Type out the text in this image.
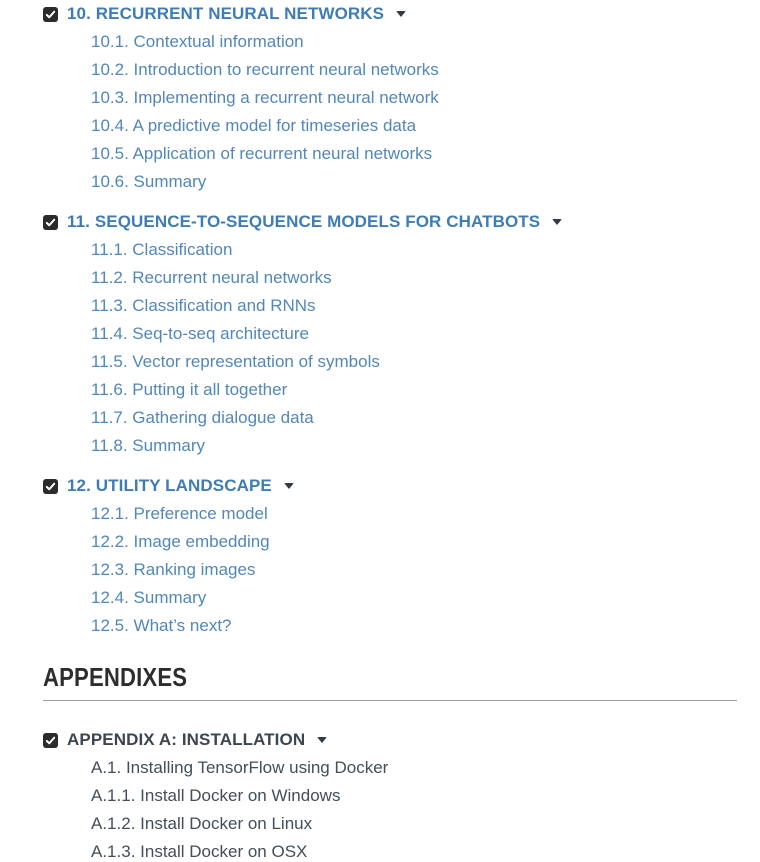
10. RECURRENT NEURAL NETWORKS
10.1. Contextual information
10.2. Introduction to recurrent neural networks
10.3. Implementing a recurrent neural network
10.4. A predictive model for timeseries data
10.5. Application of recurrent neural networks
10.6. Summary
11. SEQUENCE-TO-SEQUENCE MODELS FOR CHATBOTS
11.1. Classification
11.2. Recurrent neural networks
11.3. Classification and RNNs
11.4. Seq-to-seq architecture
11.5. Vector representation of symbols
11.6. Putting it all together
11.7. Gathering dialogue data
11.8. Summary
12. UTILITY LANDSCAPE
12.1. Preference model
12.2. Image embedding
12.3. Ranking images
12.4. Summary
12.5. What’s next?
APPENDIXES
APPENDIX A: INSTALLATION
A.1. Installing TensorFlow using Docker
A.1.1. Install Docker on Windows
A.1.2. Install Docker on Linux
A.1.3. Install Docker on OSX
